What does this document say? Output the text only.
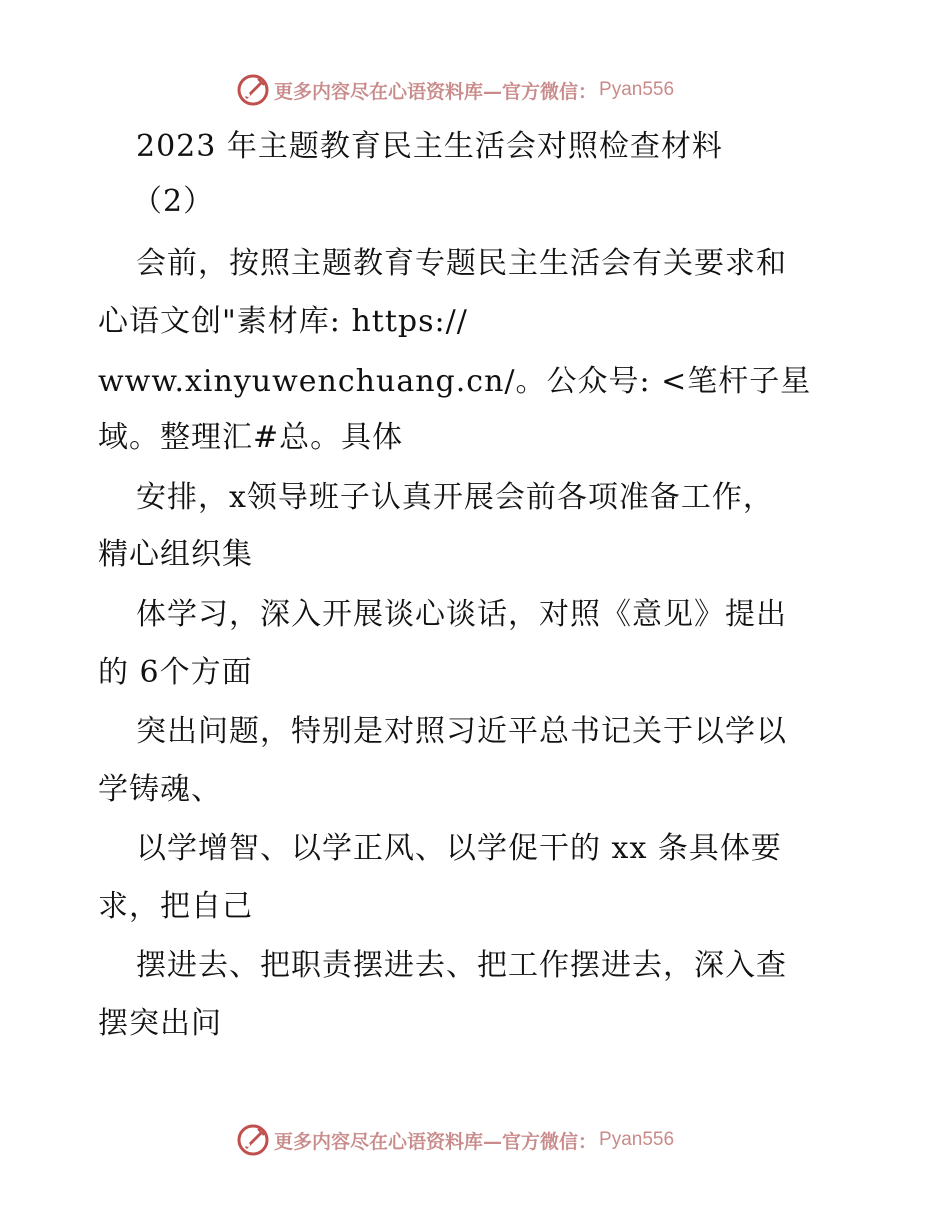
更多内容尽在心语资料库—官方微信： Pyan556
2023 年主题教育民主生活会对照检查材料
（2）
会前，按照主题教育专题民主生活会有关要求和
心语文创"素材库: https://
www.xinyuwenchuang.cn/。公众号: <笔杆子星
域。整理汇#总。具体
安排，x领导班子认真开展会前各项准备工作，
精心组织集
体学习，深入开展谈心谈话，对照《意见》提出
的 6个方面
突出问题，特别是对照习近平总书记关于以学以
学铸魂、
以学增智、以学正风、以学促干的 xx 条具体要
求，把自己
摆进去、把职责摆进去、把工作摆进去，深入查
摆突出问
更多内容尽在心语资料库—官方微信： Pyan556
